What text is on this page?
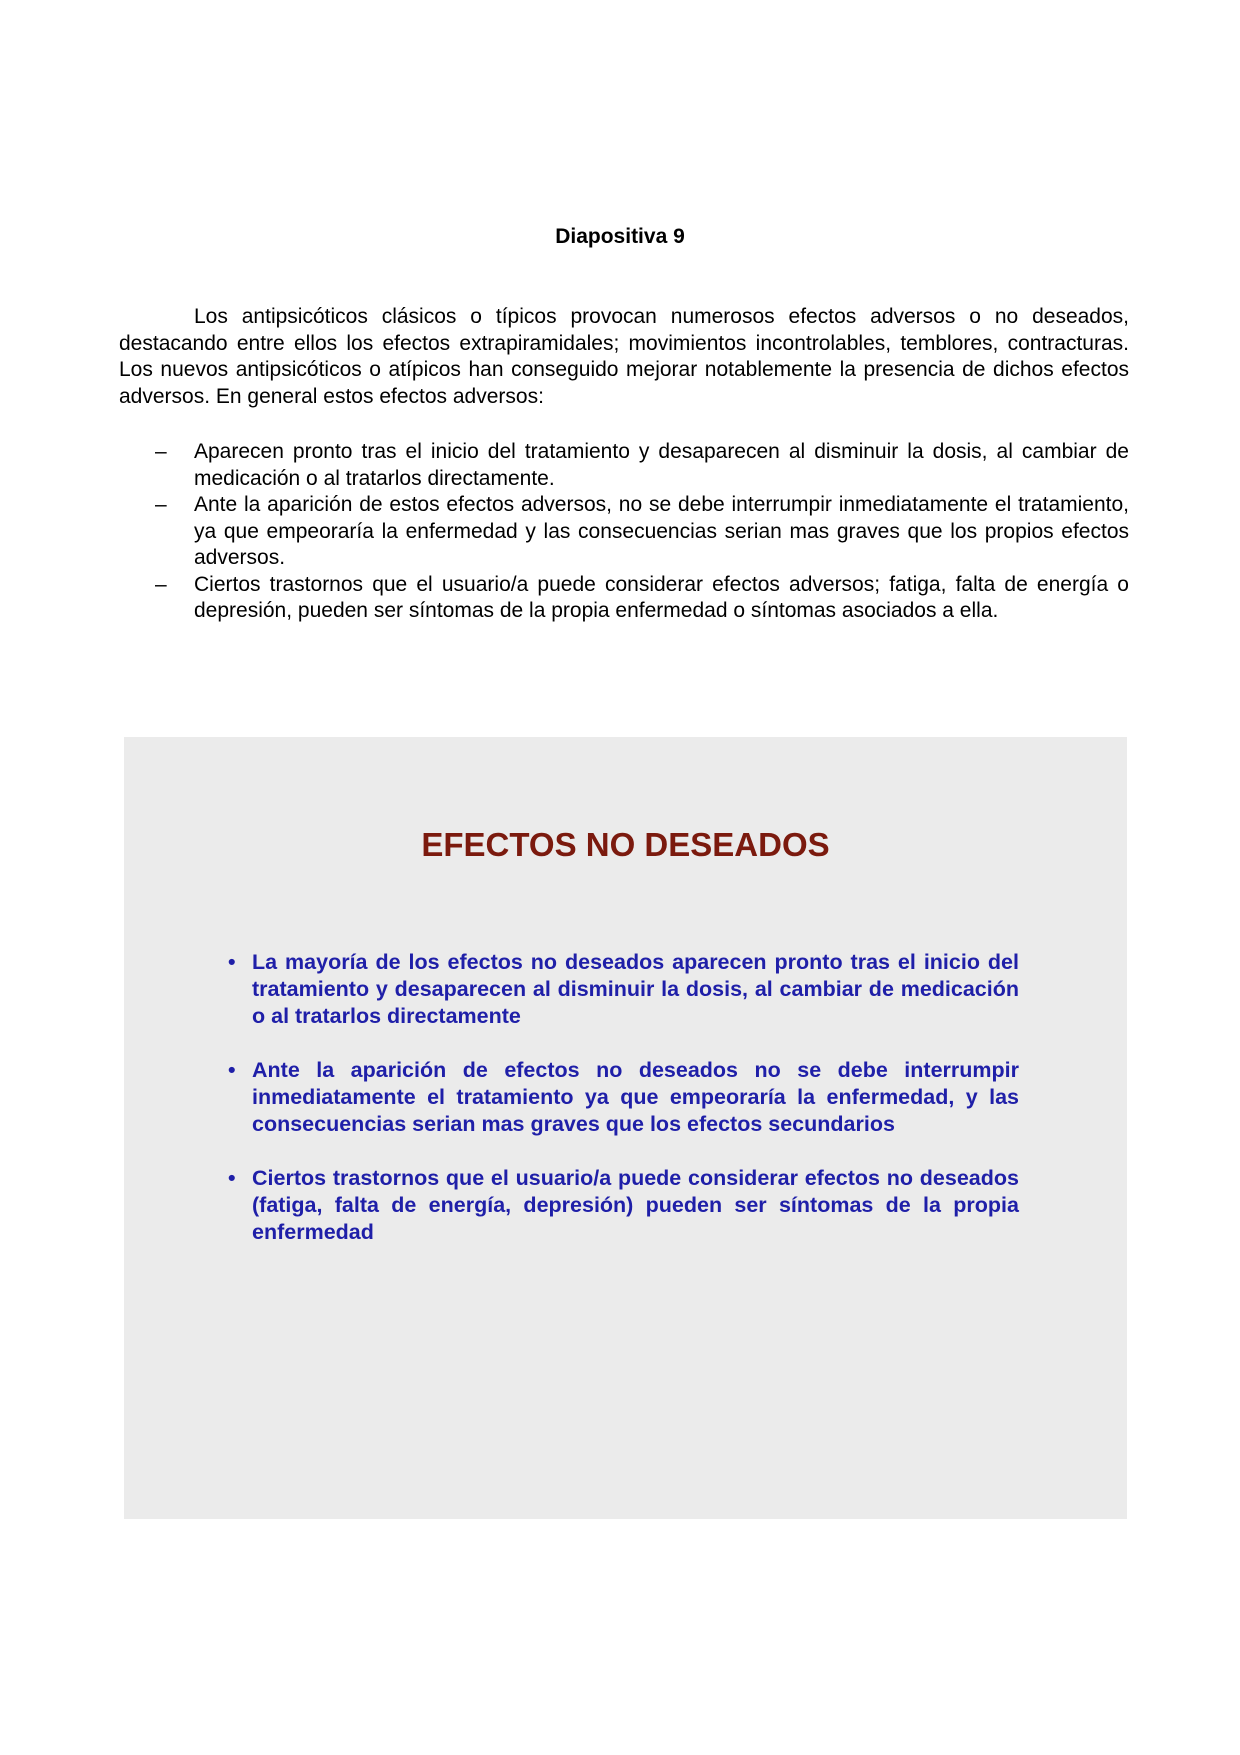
Diapositiva 9

Los antipsicóticos clásicos o típicos provocan numerosos efectos adversos o no deseados, destacando entre ellos los efectos extrapiramidales; movimientos incontrolables, temblores, contracturas. Los nuevos antipsicóticos o atípicos han conseguido mejorar notablemente la presencia de dichos efectos adversos. En general estos efectos adversos:

– Aparecen pronto tras el inicio del tratamiento y desaparecen al disminuir la dosis, al cambiar de medicación o al tratarlos directamente.
– Ante la aparición de estos efectos adversos, no se debe interrumpir inmediatamente el tratamiento, ya que empeoraría la enfermedad y las consecuencias serian mas graves que los propios efectos adversos.
– Ciertos trastornos que el usuario/a puede considerar efectos adversos; fatiga, falta de energía o depresión, pueden ser síntomas de la propia enfermedad o síntomas asociados a ella.
EFECTOS NO DESEADOS
• La mayoría de los efectos no deseados aparecen pronto tras el inicio del tratamiento y desaparecen al disminuir la dosis, al cambiar de medicación o al tratarlos directamente
• Ante la aparición de efectos no deseados no se debe interrumpir inmediatamente el tratamiento ya que empeoraría la enfermedad, y las consecuencias serian mas graves que los efectos secundarios
• Ciertos trastornos que el usuario/a puede considerar efectos no deseados (fatiga, falta de energía, depresión) pueden ser síntomas de la propia enfermedad
